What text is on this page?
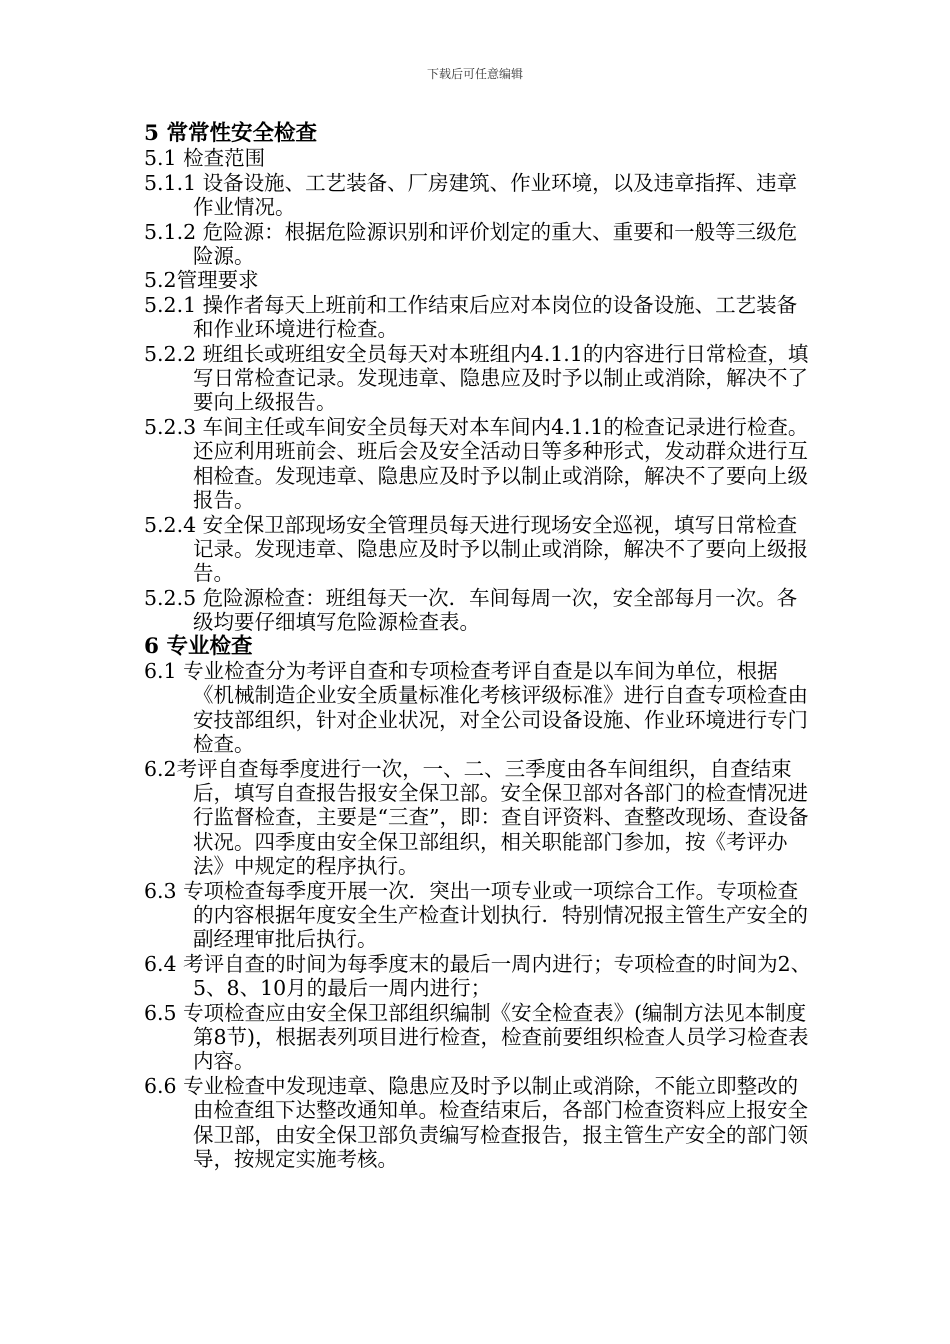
下载后可任意编辑
5 常常性安全检查
5.1 检查范围
5.1.1 设备设施、工艺装备、厂房建筑、作业环境，以及违章指挥、违章作业情况。
5.1.2 危险源：根据危险源识别和评价划定的重大、重要和一般等三级危险源。
5.2管理要求
5.2.1 操作者每天上班前和工作结束后应对本岗位的设备设施、工艺装备和作业环境进行检查。
5.2.2 班组长或班组安全员每天对本班组内4.1.1的内容进行日常检查，填写日常检查记录。发现违章、隐患应及时予以制止或消除，解决不了要向上级报告。
5.2.3 车间主任或车间安全员每天对本车间内4.1.1的检查记录进行检查。还应利用班前会、班后会及安全活动日等多种形式，发动群众进行互相检查。发现违章、隐患应及时予以制止或消除，解决不了要向上级报告。
5.2.4 安全保卫部现场安全管理员每天进行现场安全巡视，填写日常检查记录。发现违章、隐患应及时予以制止或消除，解决不了要向上级报告。
5.2.5 危险源检查：班组每天一次．车间每周一次，安全部每月一次。各级均要仔细填写危险源检查表。
6 专业检查
6.1 专业检查分为考评自查和专项检查考评自查是以车间为单位，根据《机械制造企业安全质量标准化考核评级标准》进行自查专项检查由安技部组织，针对企业状况，对全公司设备设施、作业环境进行专门检查。
6.2考评自查每季度进行一次，一、二、三季度由各车间组织，自查结束后，填写自查报告报安全保卫部。安全保卫部对各部门的检查情况进行监督检查，主要是“三查”，即：查自评资料、查整改现场、查设备状况。四季度由安全保卫部组织，相关职能部门参加，按《考评办法》中规定的程序执行。
6.3 专项检查每季度开展一次．突出一项专业或一项综合工作。专项检查的内容根据年度安全生产检查计划执行．特别情况报主管生产安全的副经理审批后执行。
6.4 考评自查的时间为每季度末的最后一周内进行；专项检查的时间为2、5、8、10月的最后一周内进行；
6.5 专项检查应由安全保卫部组织编制《安全检查表》(编制方法见本制度第8节)，根据表列项目进行检查，检查前要组织检查人员学习检查表内容。
6.6 专业检查中发现违章、隐患应及时予以制止或消除，不能立即整改的由检查组下达整改通知单。检查结束后，各部门检查资料应上报安全保卫部，由安全保卫部负责编写检查报告，报主管生产安全的部门领导，按规定实施考核。
